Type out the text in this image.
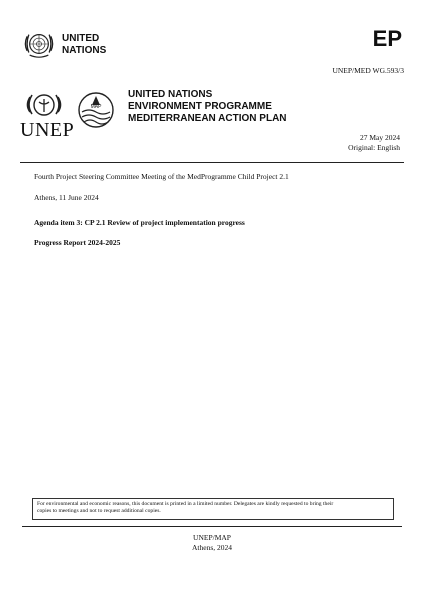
UNITED
NATIONS	EP
UNEP/MED WG.593/3
UNEP
MAP
UNITED NATIONS
ENVIRONMENT PROGRAMME
MEDITERRANEAN ACTION PLAN
27 May 2024
Original: English
Fourth Project Steering Committee Meeting of the MedProgramme Child Project 2.1
Athens, 11 June 2024
Agenda item 3: CP 2.1 Review of project implementation progress
Progress Report 2024-2025
For environmental and economic reasons, this document is printed in a limited number. Delegates are kindly requested to bring their
copies to meetings and not to request additional copies.
UNEP/MAP
Athens, 2024
